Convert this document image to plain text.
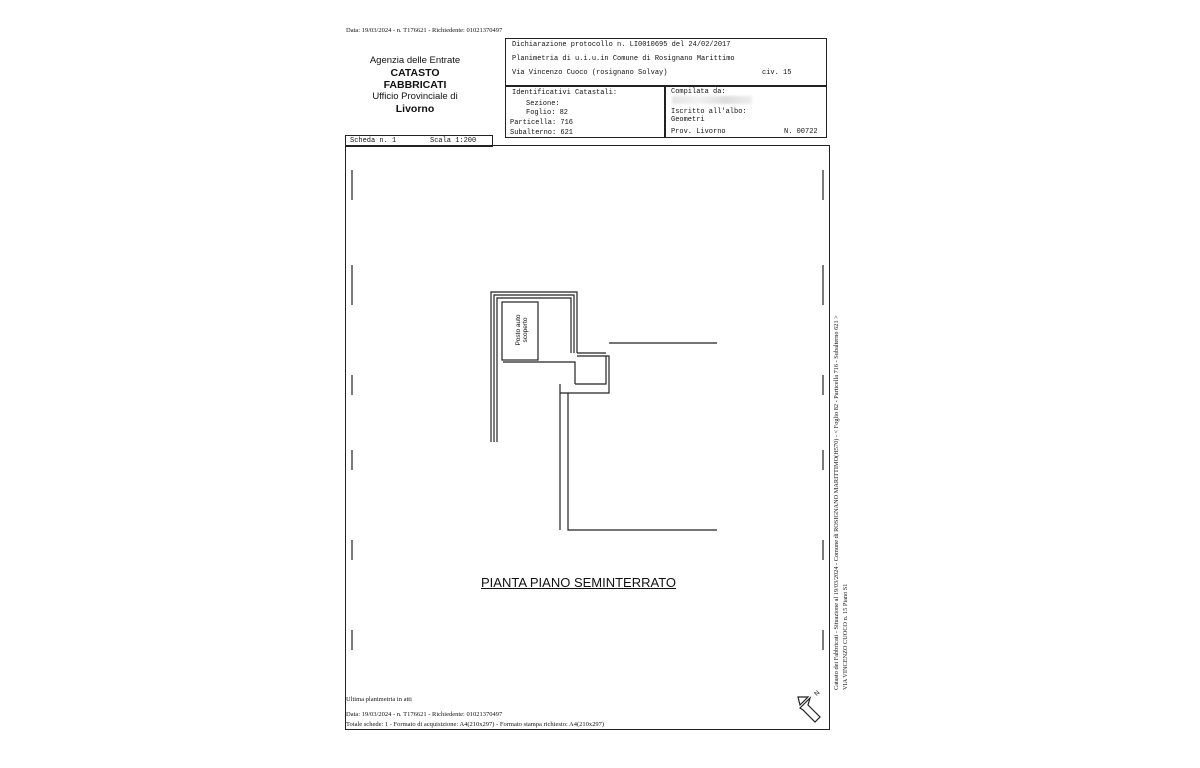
Data: 19/03/2024 - n. T176621 - Richiedente: 01021370497
Agenzia delle Entrate
CATASTO FABBRICATI
Ufficio Provinciale di
Livorno
Dichiarazione protocollo n. LI0010695 del 24/02/2017
Planimetria di u.i.u.in Comune di Rosignano Marittimo
Via Vincenzo Cuoco (rosignano Solvay)	civ. 15
Identificativi Catastali:
Sezione:
Foglio: 82
Particella: 716
Subalterno: 621
Compilata da:
Iscritto all'albo:
Geometri
Prov. Livorno	N. 00722
Scheda n. 1	Scala 1:200
Posto auto scoperto
PIANTA PIANO SEMINTERRATO
N
Catasto dei Fabbricati - Situazione al 19/03/2024 - Comune di ROSIGNANO MARITTIMO(H570) - < Foglio 82 - Particella 716 - Subalterno 621 > VIA VINCENZO CUOCO n. 15 Piano S1
Ultima planimetria in atti
Data: 19/03/2024 - n. T176621 - Richiedente: 01021370497
Totale schede: 1 - Formato di acquisizione: A4(210x297) - Formato stampa richiesto: A4(210x297)
